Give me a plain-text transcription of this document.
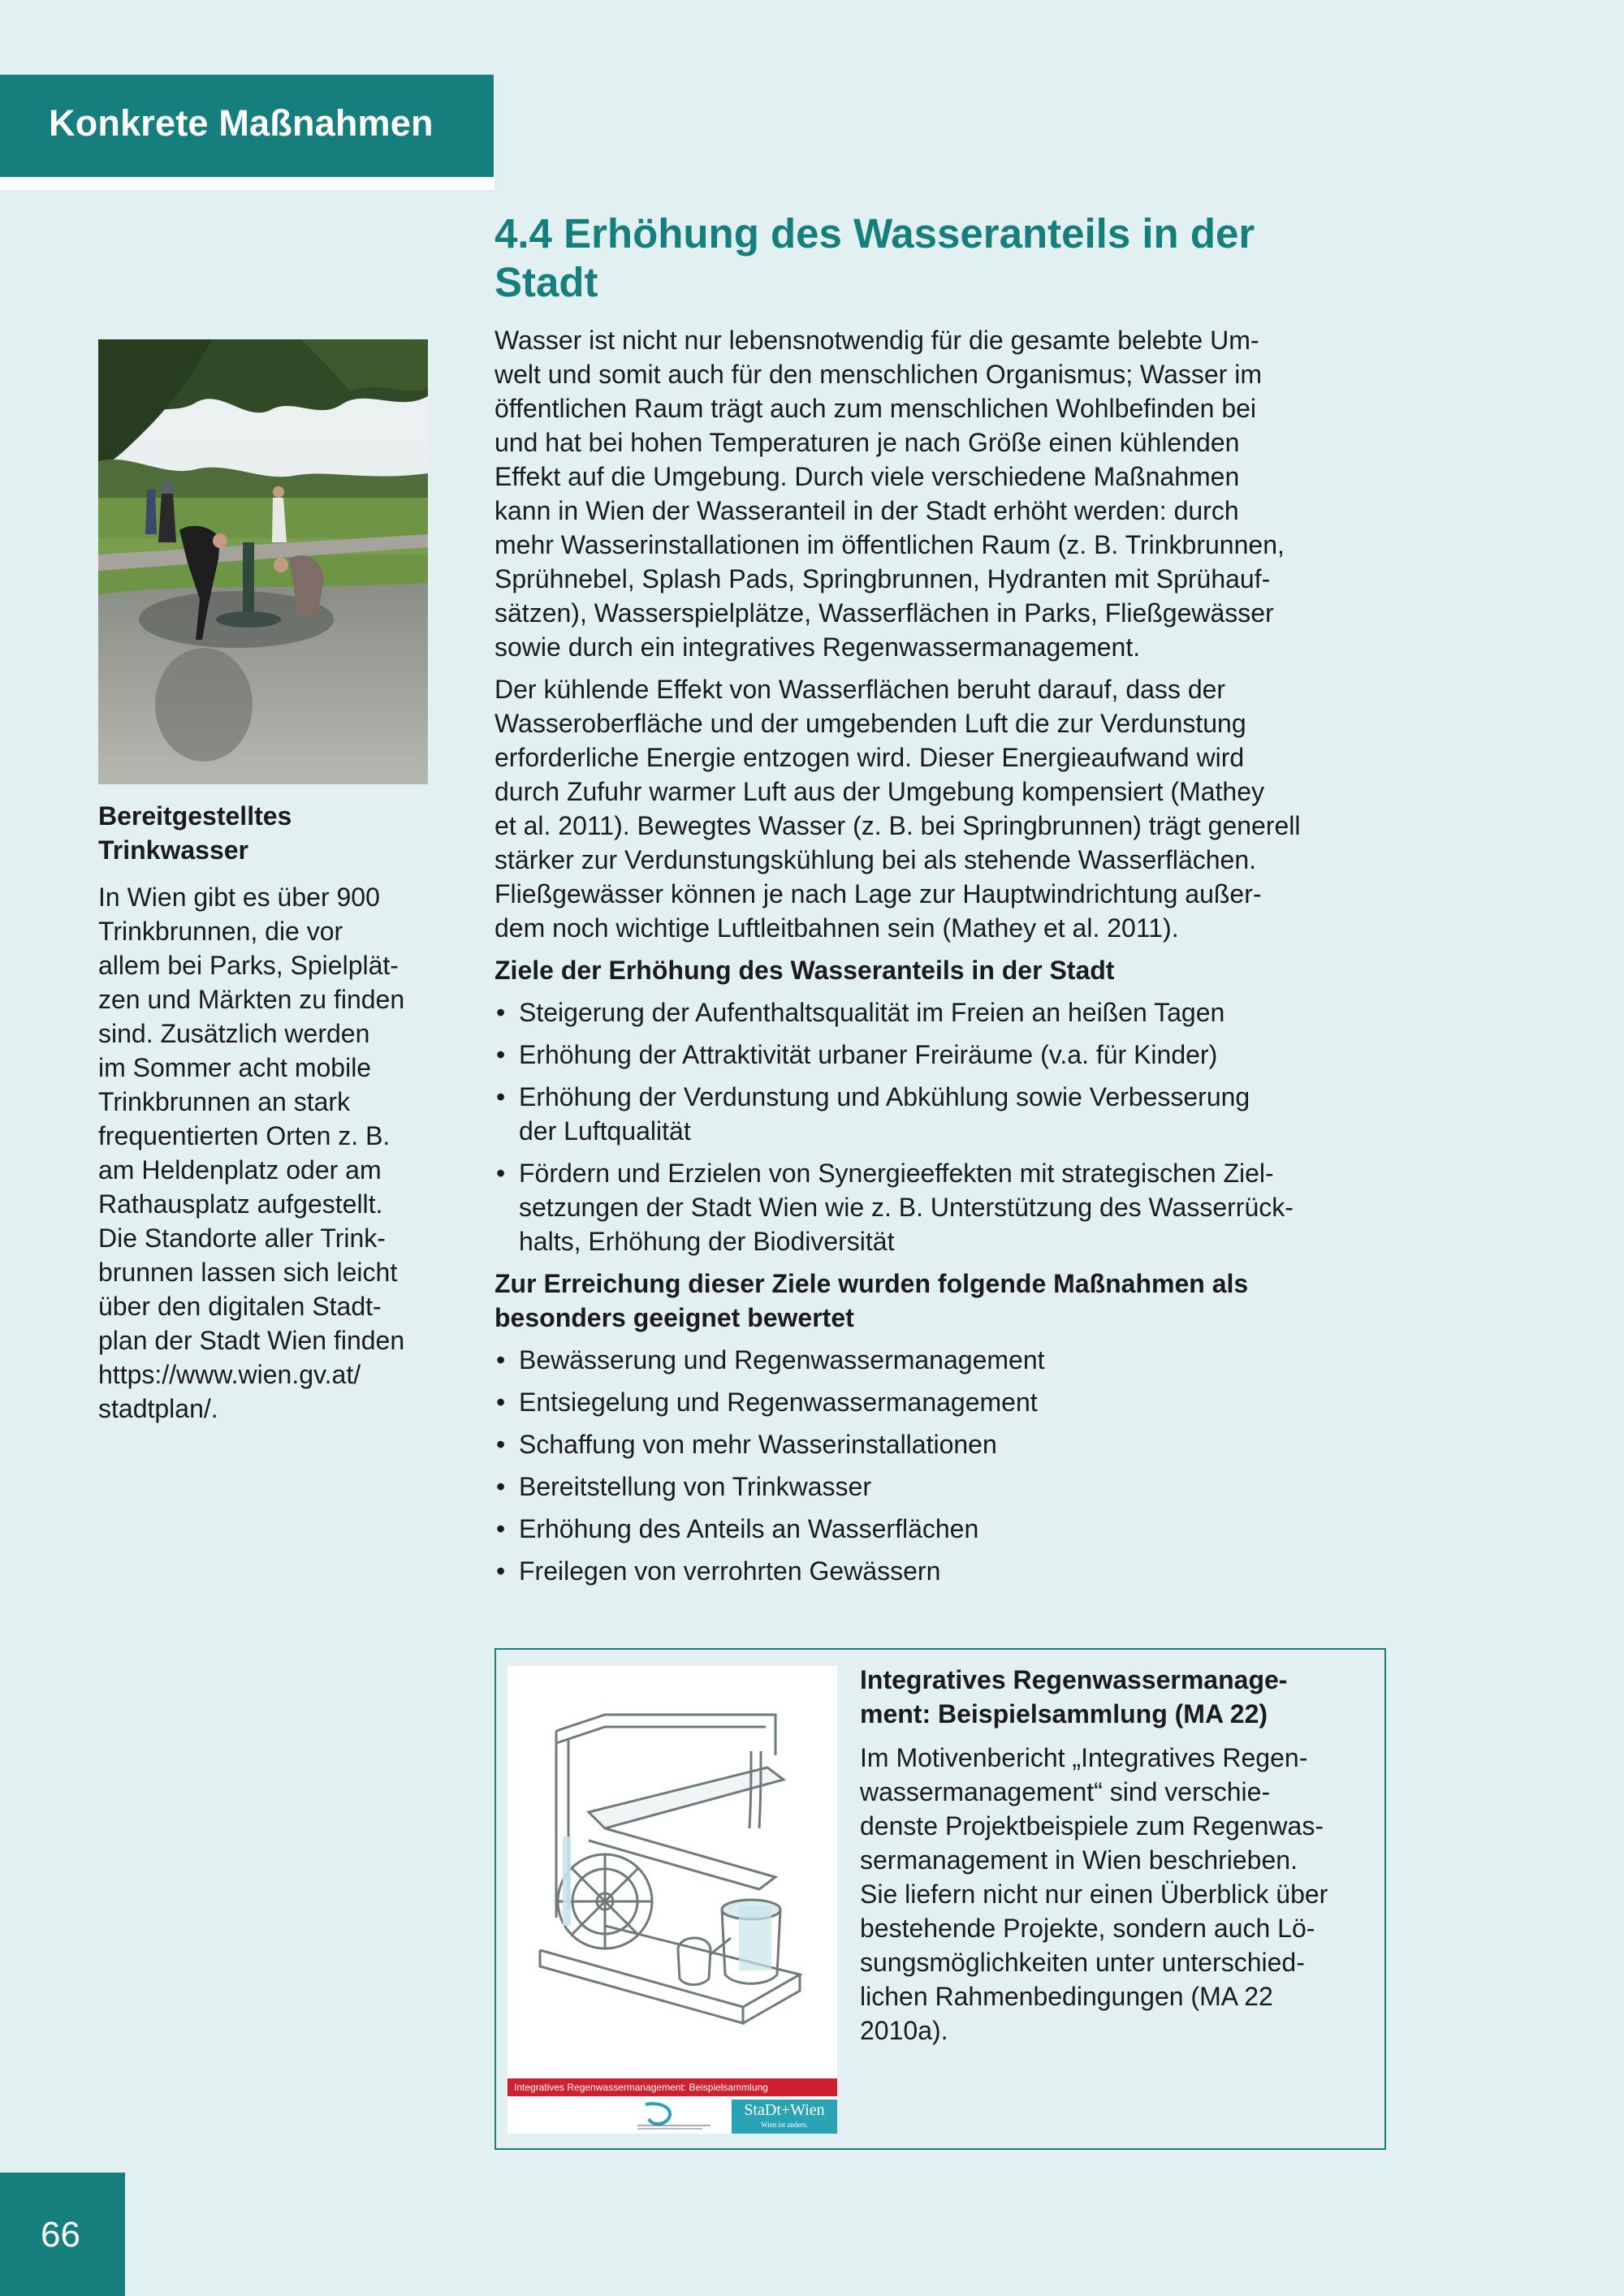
Konkrete Maßnahmen
Bereitgestelltes Trinkwasser
In Wien gibt es über 900
Trinkbrunnen, die vor
allem bei Parks, Spielplät-
zen und Märkten zu finden
sind. Zusätzlich werden
im Sommer acht mobile
Trinkbrunnen an stark
frequentierten Orten z. B.
am Heldenplatz oder am
Rathausplatz aufgestellt.
Die Standorte aller Trink-
brunnen lassen sich leicht
über den digitalen Stadt-
plan der Stadt Wien finden
https://www.wien.gv.at/
stadtplan/.
4.4 Erhöhung des Wasseranteils in der
Stadt

Wasser ist nicht nur lebensnotwendig für die gesamte belebte Um-
welt und somit auch für den menschlichen Organismus; Wasser im
öffentlichen Raum trägt auch zum menschlichen Wohlbefinden bei
und hat bei hohen Temperaturen je nach Größe einen kühlenden
Effekt auf die Umgebung. Durch viele verschiedene Maßnahmen
kann in Wien der Wasseranteil in der Stadt erhöht werden: durch
mehr Wasserinstallationen im öffentlichen Raum (z. B. Trinkbrunnen,
Sprühnebel, Splash Pads, Springbrunnen, Hydranten mit Sprühauf-
sätzen), Wasserspielplätze, Wasserflächen in Parks, Fließgewässer
sowie durch ein integratives Regenwassermanagement.

Der kühlende Effekt von Wasserflächen beruht darauf, dass der
Wasseroberfläche und der umgebenden Luft die zur Verdunstung
erforderliche Energie entzogen wird. Dieser Energieaufwand wird
durch Zufuhr warmer Luft aus der Umgebung kompensiert (Mathey
et al. 2011). Bewegtes Wasser (z. B. bei Springbrunnen) trägt generell
stärker zur Verdunstungskühlung bei als stehende Wasserflächen.
Fließgewässer können je nach Lage zur Hauptwindrichtung außer-
dem noch wichtige Luftleitbahnen sein (Mathey et al. 2011).

Ziele der Erhöhung des Wasseranteils in der Stadt
• Steigerung der Aufenthaltsqualität im Freien an heißen Tagen
• Erhöhung der Attraktivität urbaner Freiräume (v.a. für Kinder)
• Erhöhung der Verdunstung und Abkühlung sowie Verbesserung
der Luftqualität
• Fördern und Erzielen von Synergieeffekten mit strategischen Ziel-
setzungen der Stadt Wien wie z. B. Unterstützung des Wasserrück-
halts, Erhöhung der Biodiversität
Zur Erreichung dieser Ziele wurden folgende Maßnahmen als
besonders geeignet bewertet
• Bewässerung und Regenwassermanagement
• Entsiegelung und Regenwassermanagement
• Schaffung von mehr Wasserinstallationen
• Bereitstellung von Trinkwasser
• Erhöhung des Anteils an Wasserflächen
• Freilegen von verrohrten Gewässern
Integratives Regenwassermanagement: Beispielsammlung
StaDt+Wien
Wien ist anders.
Integratives Regenwassermanage-
ment: Beispielsammlung (MA 22)
Im Motivenbericht „Integratives Regen-
wassermanagement“ sind verschie-
denste Projektbeispiele zum Regenwas-
sermanagement in Wien beschrieben.
Sie liefern nicht nur einen Überblick über
bestehende Projekte, sondern auch Lö-
sungsmöglichkeiten unter unterschied-
lichen Rahmenbedingungen (MA 22
2010a).
66
